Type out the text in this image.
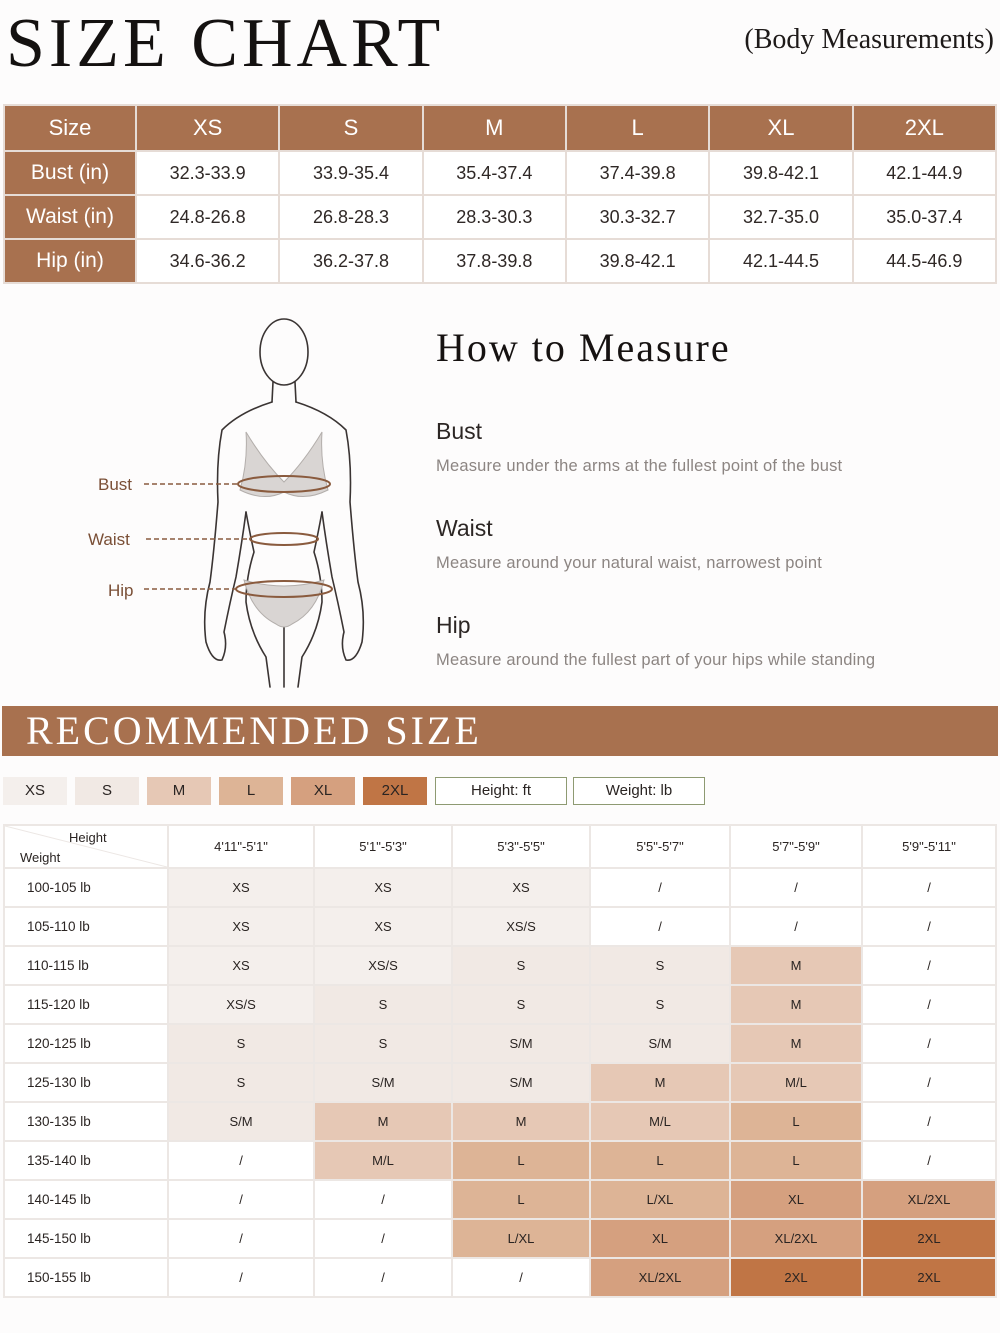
SIZE CHART	(Body Measurements)
Size	XS	S	M	L	XL	2XL
Bust (in)	32.3-33.9	33.9-35.4	35.4-37.4	37.4-39.8	39.8-42.1	42.1-44.9
Waist (in)	24.8-26.8	26.8-28.3	28.3-30.3	30.3-32.7	32.7-35.0	35.0-37.4
Hip (in)	34.6-36.2	36.2-37.8	37.8-39.8	39.8-42.1	42.1-44.5	44.5-46.9
Bust
Waist
Hip
How to Measure
Bust
Measure under the arms at the fullest point of the bust
Waist
Measure around your natural waist, narrowest point
Hip
Measure around the fullest part of your hips while standing
RECOMMENDED SIZE
XS	S	M	L	XL	2XL	Height: ft	Weight: lb
Height
Weight	4'11"-5'1"	5'1"-5'3"	5'3"-5'5"	5'5"-5'7"	5'7"-5'9"	5'9"-5'11"
100-105 lb	XS	XS	XS	/	/	/
105-110 lb	XS	XS	XS/S	/	/	/
110-115 lb	XS	XS/S	S	S	M	/
115-120 lb	XS/S	S	S	S	M	/
120-125 lb	S	S	S/M	S/M	M	/
125-130 lb	S	S/M	S/M	M	M/L	/
130-135 lb	S/M	M	M	M/L	L	/
135-140 lb	/	M/L	L	L	L	/
140-145 lb	/	/	L	L/XL	XL	XL/2XL
145-150 lb	/	/	L/XL	XL	XL/2XL	2XL
150-155 lb	/	/	/	XL/2XL	2XL	2XL
